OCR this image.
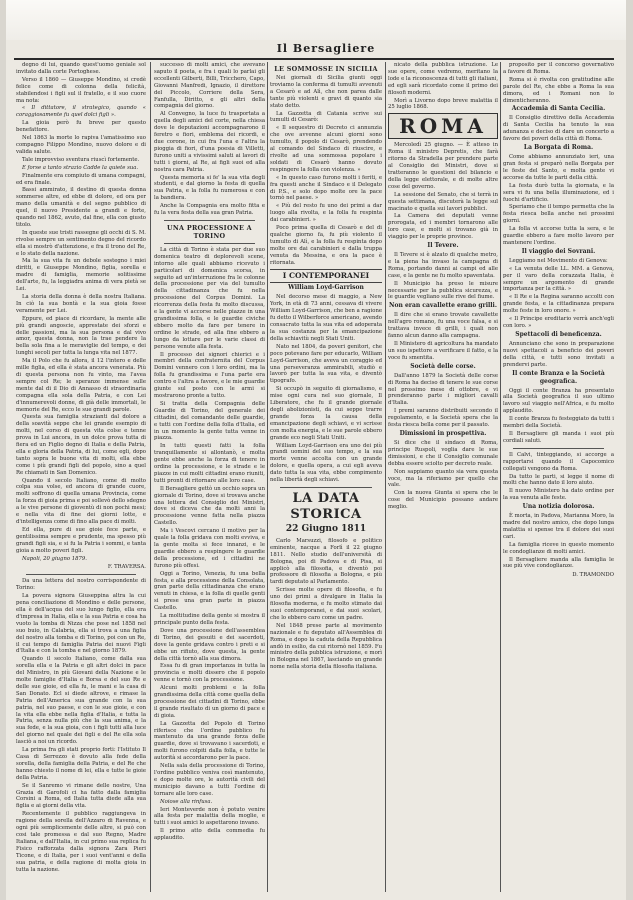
Il Bersagliere

degno di lui, quando quest'uomo geniale sol invitato dalla corte Portoghese.

Verso il 1860 — Giuseppe Mondino, si credè felice come di colonna della felicità, stabilendosi i figli sul il fratello, e il suo cuore ma nota:

« Il dittatore, il strategico, quando « coraggiosamente fu quel dolci figli ».

La gioia però fu breve per questo benefattore.

Nel 1863 la morte lo rapiva l'amatissimo suo compagno Filippo Mondino, nuovo dolore e di valida salute.

Tale improvviso sventura riuscì fortemente.

E forse a tanto strazio Cadde la quiete sua.

Finalmente era compiuto di umana compagni, ed era finale.

Bassi ammirato, il destino di questa donna sommerse altre, ed ebbe di dolore, ed ora per mano della umanità e del segno pubblico di quel, il nuovo Presidente a grandi e forte, quando nel 1862, avuto, dal fine, ella con giusto titolo.

In queste sue tristi rassegne gli occhi di S. M. rivolse sempre un sentimento degno del ricordo ella si mostrò d'attenzione, e fra il trono del Re, e lo stato della nazione.

Ma la sua vita fu un debole sostegno i miei diritti, e Giuseppe Mondino, figlia, sorella e madre di famiglia, memorie solitissime dell'arte, fu, la leggiadra anima di vera pietà se Lei.

La storia della donna è della nostra Italiana. In ciò la sua bontà e la sua gioia fosse veramente per Lei.

Eppure, ed piace di ricordare, la mente alle più grandi angoscie, apprestate dei sforzi e delle passioni, ma la sua persona e dal vivo amor, questa donna, non la trae pendere la bella sola fina a le meraviglie del tempo, e dei lunghi secoli per tutta la lunga vita nel 1877.

Ma il Polo che fu allora, il 12 l'intero e delle mille figlia, ed ella è stata ancora venerata. Più di questa persona non fu vinto, ma l'avea sempre col Re; le speranze immense sulle mente dal di il Dio di Annasso di straordinaria compagna ella sola della Patria, e con Lei d'innumerevoli donne, di già delle immortali, le memorie del Re, ecco le sue grandi parole.

Questa sua famiglia strazianti dal dolore a della soavità seppe che lei grande esempio di molti, nel corso di questa vita colse e tenne prova in Lui ancora, in un dolce prova tutta di fiera ed un Figlio degno di Italia e della Patria, ella e gloria della Patria, di lui, come egli, dopo tanto sopra le buone vita di molti, ella ebbe come i più grandi figli del popolo, sino a quel Re chiamati in San Domenico.

Quando il secolo Italiano, come di molto colpa sua volse, ed ancora di grande cuore, molti soffrono di quella umana Provincia, come la forza di gioia prima e poi sollevò dello sdegno a le vive persone di gioventù di non pochi mesi; e nella vita di fine dei giorni lotte, e d'intelligenza come di fino alla pace di molti.

Ed ella, pure di sue gioie fece parte, e gentilissima sempre e prudente, ma spesso più grandi figli sia, e si fu la Patria i sommi, e tanta gioia a molto poveri figli.

Napoli, 20 giugno 1879.

F. TRAVERSA.

Da una lettera del nostro corrispondente di Torino:

La povera signora Giuseppina altra la cui pena conciliazione di Mondino e delle persone, ella è dell'acqua del suo lungo figlio, ella era d'impresa in Italia, ella e la sua Patria e cosa ha vuoto la tomba di Nizza che pose nel 1858 nel suo buio, in Calabria, ella si trova a una figlia del nostro alla tomba e di Torino, poi con un Re, il cui tempo di famiglia Patria dei nuovi Figli d'Italia e con la tomba e nel giorno 1879.

Quando il secolo Italiano, come dalla sua sorella ella e la Patria e gli altri dolci in pace del Ministro, in più Giovani della Nazione e le molte famiglie d'Italia e Borsa e del suo Re e delle sue gioie, ed ella fu, le mani e la casa di San Donato. Ecl si diede altrove, e rimase la Patria dell'America sua grande con la sua patria, nel suo paese, e con le sue gioie, e con la vita ella ebbe nella figlia d'Italia, e tutta la Patria, senza nulla più che la sua anima, e la sua fede, e la sua gioia, con i figli tutti alla luce del giorno nel quale dei figli e del Re ella sola lasciò a noi un ricordo.

La prima fra gli stati proprio forti: l'Istituto Il Casa di Serrezzo è dovuto alla fede della sorella, della famiglia della Patria, e del Re che hanno chiesto il nome di lei, ella e tutte le gioie della Patria.

Se il Sanremo vi rimane delle nostre, Una Grazia di Garofoli ci ha fatto dalla famiglia Corsini a Roma, ed Italia tutta diede alla sua figlia e ai giorni della vita.

Recentemente il pubblico raggiungeva in ragione della sorella dell'Azzaro di Ravenna, e ogni più semplicemente delle altre, si può con cosi tale promessa e dal suo Regno, Madre Italiana, e dall'Italia, in cui primo sua replica fu Fisico rafforzata dalla signora Zara Pieri Ticone, e di Italia, per i suoi vent'anni e della sua patria, e della ragione di molta gioia in tutta la nazione.

successo di molti amici, che avevano saputo il poeta, e fra i quali lo parlai gli eccellenti Gilberti, Billi, Tricchero, Capo, Giovanni Manfredi, Ignazio, il direttore del Piccolo, Corriere della Sera, Fanfulla, Diritto, e gli altri della compagnia del giorno.

Al Convegno, la luce fu trasportata a quella degli amici del corte, nella chiesa dove le deputazioni accompagnarono il feretro e fiori, emblema dei ricordi, e due corone, in cui fra l'una e l'altra la pioggia di fiori, d'una poesia di Villetti, furono uniti a vivissimi saluti ai lavori di tutti i giorni, al Re, ai figli suoi ed alla nostra cara Patria.

Questa memoria si fe' la sua vita degli studenti, e dal giorno la festa di quella sua Patria, e la folla fu numerosa e con la bandiera.

Anche la Compagnia era molto fitta e fu la vera festa della sua gran Patria.

UNA PROCESSIONE A TORINO

La città di Torino è stata per due suo domenica teatro di deplorevoli scene, intorno alle quali abbiamo ricevuto i particolari di domenica scorsa, in seguito ad un'interruzione fra le colonne della processione per via del tumulto della cittadinanza che fu nella processione del Corpus Domini. La ricorrenza della festa fu molto discussa, e la gente vi accorse nelle piazze in una grandissima folla, e le guardie civiche ebbero molto da fare per tenere in ordine le strade, ed alla fine ebbero a lungo da lottare per le varie classi di persone venute alla festa.

Il processo dei signori chierici e i membri della confraternita del Corpus Domini vennero con i loro ordini, ma la folla fu grandissima e l'una parte era contro e l'altra a favore, e le mie guardie giunte sul posto con le armi si mostrarono pronte a tutto.

Si tratta della Compagnia delle Guardie di Torino, del generale dei cittadini, del comandante delle guardie, e tutti con l'ordine della folla d'Italia, ed in un momento la gente tutta venne in piazza.

In tutti questi fatti la folla tranquillamente si allontanò, e molta gente ebbe anche la forza di tenere in ordine la processione, e le strade e le piazze in cui molti cittadini erano riuniti, tutti pronti di ritornare alle loro case.

Il Bersagliere gettò un occhio sopra un giornale di Torino, dove si trovava anche una lettera del Consiglio dei Ministri, dove si diceva che da molti anni la processione venne fatta nella piazza Castello.

Ma i Vescovi cercano il motivo per la quale la folla gridava con molti evviva, e la gente molta si fece innanzi, e le guardie ebbero a respingere le guardie della processione, ed i cittadini ne furono più offesi.

Oggi a Torino, Venezia, fu una bella festa, e alla processione della Consolata, gran parte della cittadinanza che erano venuti in chiesa, e la folla di quelle genti si prese una gran parte in piazza Castello.

La moltitudine della gente si mostra il principale punto della festa.

Dove una processione dell'assemblea di Torino, dei gesuiti e dei sacerdoti, dove la gente gridava contro i preti e si ebbe un rifiuto, dove questa, la gente della città tornò alla sua dimora.

Essa fu di gran importanza in tutta la provincia e molti dissero che il popolo venne e tornò con la processione.

Alcuni molti problemi e la folla grandissima della città come quella della processione dei cittadini di Torino, ebbe il grande risultato di un giorno di pace e di gioia.

La Gazzetta del Popolo di Torino riferisce che l'ordine pubblico fu mantenuto da una grande forza delle guardie, dove si trovavano i sacerdoti, e molti furono colpiti dalla folla, e tutte le autorità si accordarono per la pace.

Nella sala della processione di Torino, l'ordine pubblico veniva così mantenuto, e dopo molte ore, le autorità civili del municipio davano a tutti l'ordine di tornare alle loro case.

Noiose alla rinfusa.

Ieri Monteverde non è potuto venire alla festa per malattia della moglie, e tutti i suoi amici lo aspettarono invano.

Il primo atto della commedia fu applaudito.

LE SOMMOSSE IN SICILIA

Nei giornali di Sicilia giunti oggi troviamo la conferma di tumulti avvenuti a Cesarò e ad Alì, che non parea dalle tante più violenti e gravi di quanto sia stato detto.

La Gazzetta di Catania scrive sui tumulti di Cesarò:

« Il sequestro di Decreto ci annunzia che ove avvenne alcuni giorni sono tumulto, il popolo di Cesarò, prendendo al comando del Sindaco di riuscire, e rivolte ad una sommossa popolare i soldati di Cesarò hanno dovuto respingere la folla con violenza. »

« In questo caso furono molti i feriti, e fra questi anche il Sindaco e il Delegato di P.S., e solo dopo molte ore la pace tornò nel paese. »

« Più del resto fu uno dei primi a dar luogo alla rivolta, e la folla fu respinta dai carabinieri. »

Poco prima quella di Cesarò e del di qualche giorno fa, fu più violento il tumulto di Alì, e la folla fu respinta dopo molte ore dai carabinieri e dalla truppa venuta da Messina, e ora la pace è ritornata.

I CONTEMPORANEI
William Loyd-Garrison

Nel decorso mese di maggio, a New York, in età di 73 anni, cessava di vivere William Loyd-Garrison, che ben a ragione fu detto il Wilberforce americano, avendo consacrato tutta la sua vita ed adoperata la sua costanza per la emancipazione della schiavitù negli Stati Uniti.

Nato nel 1804, da poveri genitori, che poco potevano fare per educarlo, William Loyd-Garrison, che aveva un coraggio ed una perseveranza ammirabili, studiò e lavorò per tutta la sua vita, e diventò tipografo.

Si occupò in seguito di giornalismo, e mise ogni cura nel suo giornale, Il Liberatore, che fu il grande giornale degli abolizionisti, da cui seppe trarre grande forza la causa della emancipazione degli schiavi, e vi scrisse con molta energia, e le sue parole ebbero grande eco negli Stati Uniti.

William Loyd-Garrison era uno dei più grandi uomini del suo tempo, e la sua morte venne accolta con un grande dolore, e quella opera, a cui egli aveva dato tutta la sua vita, ebbe compimento nella libertà degli schiavi.

LA DATA STORICA
22 Giugno 1811

Carlo Marsuzzi, filosofo e politico eminente, nacque a Forlì il 22 giugno 1811. Nello studio dell'università di Bologna, poi di Padova e di Pisa, si applicò alla filosofia, e diventò poi professore di filosofia a Bologna, e più tardi deputato al Parlamento.

Scrisse molte opere di filosofia, e fu uno dei primi a divulgare in Italia la filosofia moderna, e fu molto stimato dai suoi contemporanei, e dai suoi scolari, che lo ebbero caro come un padre.

Nel 1848 prese parte al movimento nazionale e fu deputato all'Assemblea di Roma, e dopo la caduta della Repubblica andò in esilio, da cui ritornò nel 1859. Fu ministro della pubblica istruzione, e morì in Bologna nel 1867, lasciando un grande nome nella storia della filosofia italiana.

nicato della pubblica istruzione. Le sue opere, come vedremo, meritano la lode e la riconoscenza di tutti gli italiani, ed egli sarà ricordato come il primo dei filosofi moderni.

Morì a Livorno dopo breve malattia il 25 luglio 1868.

ROMA

Mercoledì 25 giugno. — È atteso in Roma il ministro Depretis, che farà ritorno da Stradella per prendere parte al Consiglio dei Ministri, dove si tratteranno le questioni del bilancio e della legge elettorale, e di molte altre cose del governo.

La sessione del Senato, che si terrà in questa settimana, discuterà la legge sul macinato e quella sui lavori pubblici.

La Camera dei deputati venne prorogata, ed i membri tornarono alle loro case, e molti si trovano già in viaggio per le proprie province.

Il Tevere.

Il Tevere si è alzato di qualche metro, e la piena ha invaso la campagna di Roma, portando danni ai campi ed alle case, e la gente ne fu molto spaventata.

Il Municipio ha preso le misure necessarie per la pubblica sicurezza, e le guardie vegliano sulle rive del fiume.

Non eran cavallette erano grilli.

Il dire che si erano trovate cavallette nell'agro romano, fu una voce falsa, e si trattava invece di grilli, i quali non fanno alcun danno alla campagna.

Il Ministero di agricoltura ha mandato un suo ispettore a verificare il fatto, e la voce fu smentita.

Società delle corse.

Dall'anno 1879 la Società delle corse di Roma ha deciso di tenere le sue corse nel prossimo mese di ottobre, e vi prenderanno parte i migliori cavalli d'Italia.

I premi saranno distribuiti secondo il regolamento, e la Società spera che la festa riesca bella come per il passato.

Dimissioni in prospettiva.

Si dice che il sindaco di Roma, principe Ruspoli, voglia dare le sue dimissioni, e che il Consiglio comunale debba essere sciolto per decreto reale.

Non sappiamo quanto sia vera questa voce, ma la riferiamo per quello che vale.

Con la nuova Giunta si spera che le cose del Municipio possano andare meglio.

proposito per il concorso governativo a favore di Roma.

Roma si è rivolta con gratitudine alle parole del Re, che ebbe a Roma la sua dimora, ed i Romani non lo dimenticheranno.

Accademia di Santa Cecilia.

Il Consiglio direttivo della Accademia di Santa Cecilia ha tenuto la sua adunanza e deciso di dare un concerto a favore dei poveri della città di Roma.

La Borgata di Roma.

Come abbiamo annunziato ieri, una gran festa si preparò nella Borgata per le feste del Santo, e molta gente vi accorse da tutte le parti della città.

La festa durò tutta la giornata, e la sera vi fu una bella illuminazione, ed i fuochi d'artificio.

Speriamo che il tempo permetta che la festa riesca bella anche nei prossimi giorni.

La folla vi accorse tutta la sera, e le guardie ebbero a fare molto lavoro per mantenere l'ordine.

Il viaggio dei Sovrani.

Leggiamo nel Movimento di Genova:

« La venuta delle LL. MM. a Genova, per il varo della corazzata Italia, è sempre un argomento di grande importanza per la città. »

« Il Re e la Regina saranno accolti con grande festa, e la cittadinanza prepara molte feste in loro onore. »

« Il Principe ereditario verrà anch'egli con loro. »

Spettacoli di beneficenza.

Annunciano che sono in preparazione nuovi spettacoli a beneficio dei poveri della città, e tutti sono invitati a prendervi parte.

Il conte Branza e la Società geografica.

Oggi il conte Branza ha presentato alla Società geografica il suo ultimo lavoro sul viaggio nell'Africa, e fu molto applaudito.

Il conte Branza fu festeggiato da tutti i membri della Società.

Il Bersagliere gli manda i suoi più cordiali saluti.

Il Calvi, tinteggiando, si accorge a rapportarsi quando il Capocomico collegati vengono da Roma.

Da tutto le parti, si legge il nome di molti che hanno dato il loro aiuto.

Il nuovo Ministero ha dato ordine per la sua venuta alle feste.

Una notizia dolorosa.

È morta, in Padova, Marianna Moro, la madre del nostro amico, che dopo lunga malattia si spense tra il dolore dei suoi cari.

La famiglia riceve in questo momento le condoglianze di molti amici.

Il Bersagliere manda alla famiglia le sue più vive condoglianze.

D. TRAMONDO
